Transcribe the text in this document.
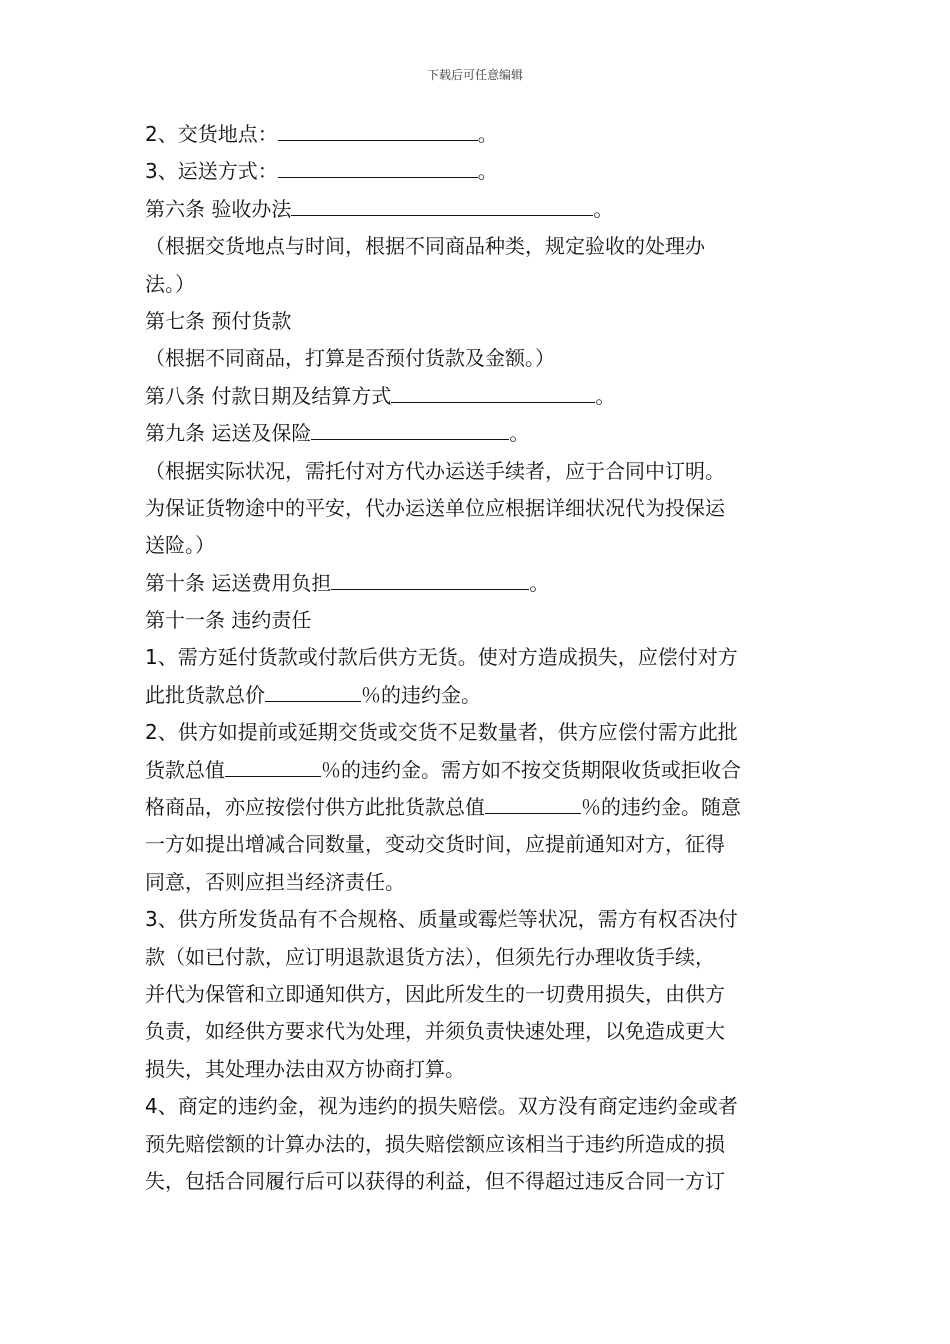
下载后可任意编辑
2、交货地点：	。
3、运送方式：	。
第六条 验收办法	。
（根据交货地点与时间，根据不同商品种类，规定验收的处理办
法。）
第七条 预付货款
（根据不同商品，打算是否预付货款及金额。）
第八条 付款日期及结算方式	。
第九条 运送及保险	。
（根据实际状况，需托付对方代办运送手续者，应于合同中订明。
为保证货物途中的平安，代办运送单位应根据详细状况代为投保运
送险。）
第十条 运送费用负担	。
第十一条 违约责任
1、需方延付货款或付款后供方无货。使对方造成损失，应偿付对方
此批货款总价	％的违约金。
2、供方如提前或延期交货或交货不足数量者，供方应偿付需方此批
货款总值	％的违约金。需方如不按交货期限收货或拒收合
格商品，亦应按偿付供方此批货款总值	％的违约金。随意
一方如提出增减合同数量，变动交货时间，应提前通知对方，征得
同意，否则应担当经济责任。
3、供方所发货品有不合规格、质量或霉烂等状况，需方有权否决付
款（如已付款，应订明退款退货方法），但须先行办理收货手续，
并代为保管和立即通知供方，因此所发生的一切费用损失，由供方
负责，如经供方要求代为处理，并须负责快速处理，以免造成更大
损失，其处理办法由双方协商打算。
4、商定的违约金，视为违约的损失赔偿。双方没有商定违约金或者
预先赔偿额的计算办法的，损失赔偿额应该相当于违约所造成的损
失，包括合同履行后可以获得的利益，但不得超过违反合同一方订
